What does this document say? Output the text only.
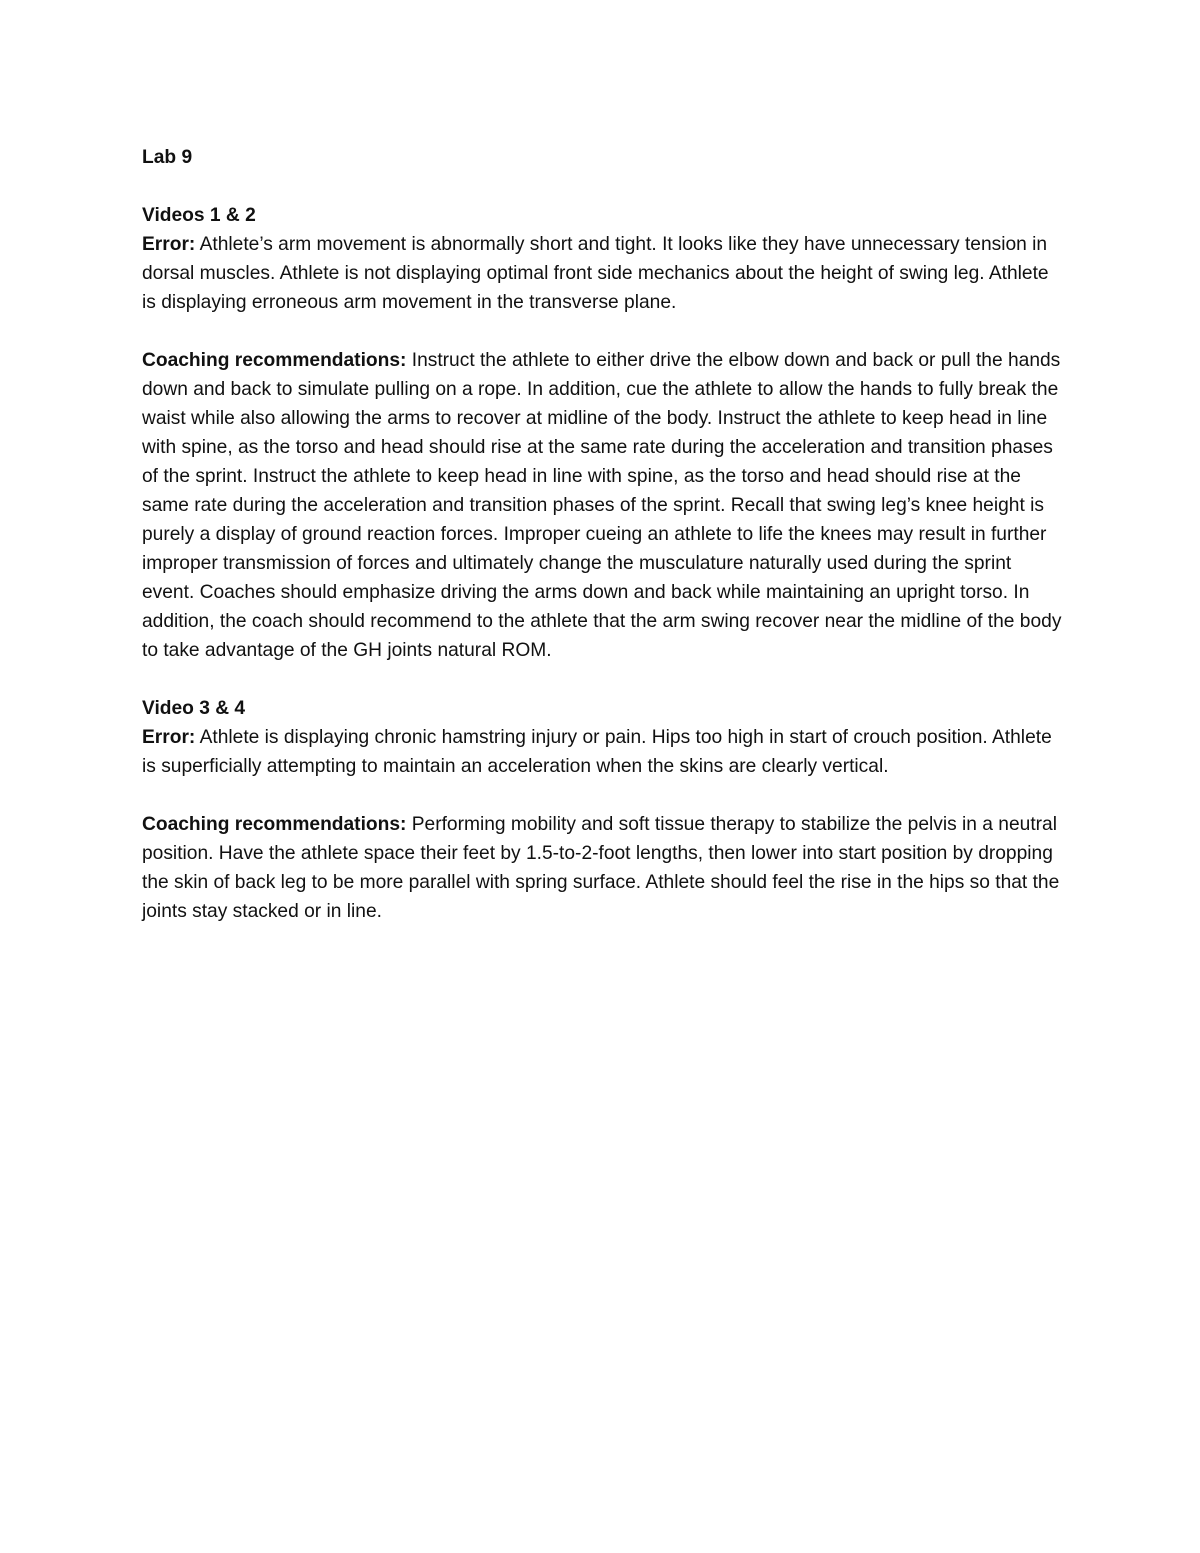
Lab 9
Videos 1 & 2

Error: Athlete’s arm movement is abnormally short and tight. It looks like they have unnecessary tension in dorsal muscles. Athlete is not displaying optimal front side mechanics about the height of swing leg. Athlete is displaying erroneous arm movement in the transverse plane.

Coaching recommendations: Instruct the athlete to either drive the elbow down and back or pull the hands down and back to simulate pulling on a rope. In addition, cue the athlete to allow the hands to fully break the waist while also allowing the arms to recover at midline of the body. Instruct the athlete to keep head in line with spine, as the torso and head should rise at the same rate during the acceleration and transition phases of the sprint. Instruct the athlete to keep head in line with spine, as the torso and head should rise at the same rate during the acceleration and transition phases of the sprint. Recall that swing leg’s knee height is purely a display of ground reaction forces. Improper cueing an athlete to life the knees may result in further improper transmission of forces and ultimately change the musculature naturally used during the sprint event. Coaches should emphasize driving the arms down and back while maintaining an upright torso. In addition, the coach should recommend to the athlete that the arm swing recover near the midline of the body to take advantage of the GH joints natural ROM.

Video 3 & 4

Error: Athlete is displaying chronic hamstring injury or pain. Hips too high in start of crouch position. Athlete is superficially attempting to maintain an acceleration when the skins are clearly vertical.

Coaching recommendations: Performing mobility and soft tissue therapy to stabilize the pelvis in a neutral position. Have the athlete space their feet by 1.5-to-2-foot lengths, then lower into start position by dropping the skin of back leg to be more parallel with spring surface. Athlete should feel the rise in the hips so that the joints stay stacked or in line.
